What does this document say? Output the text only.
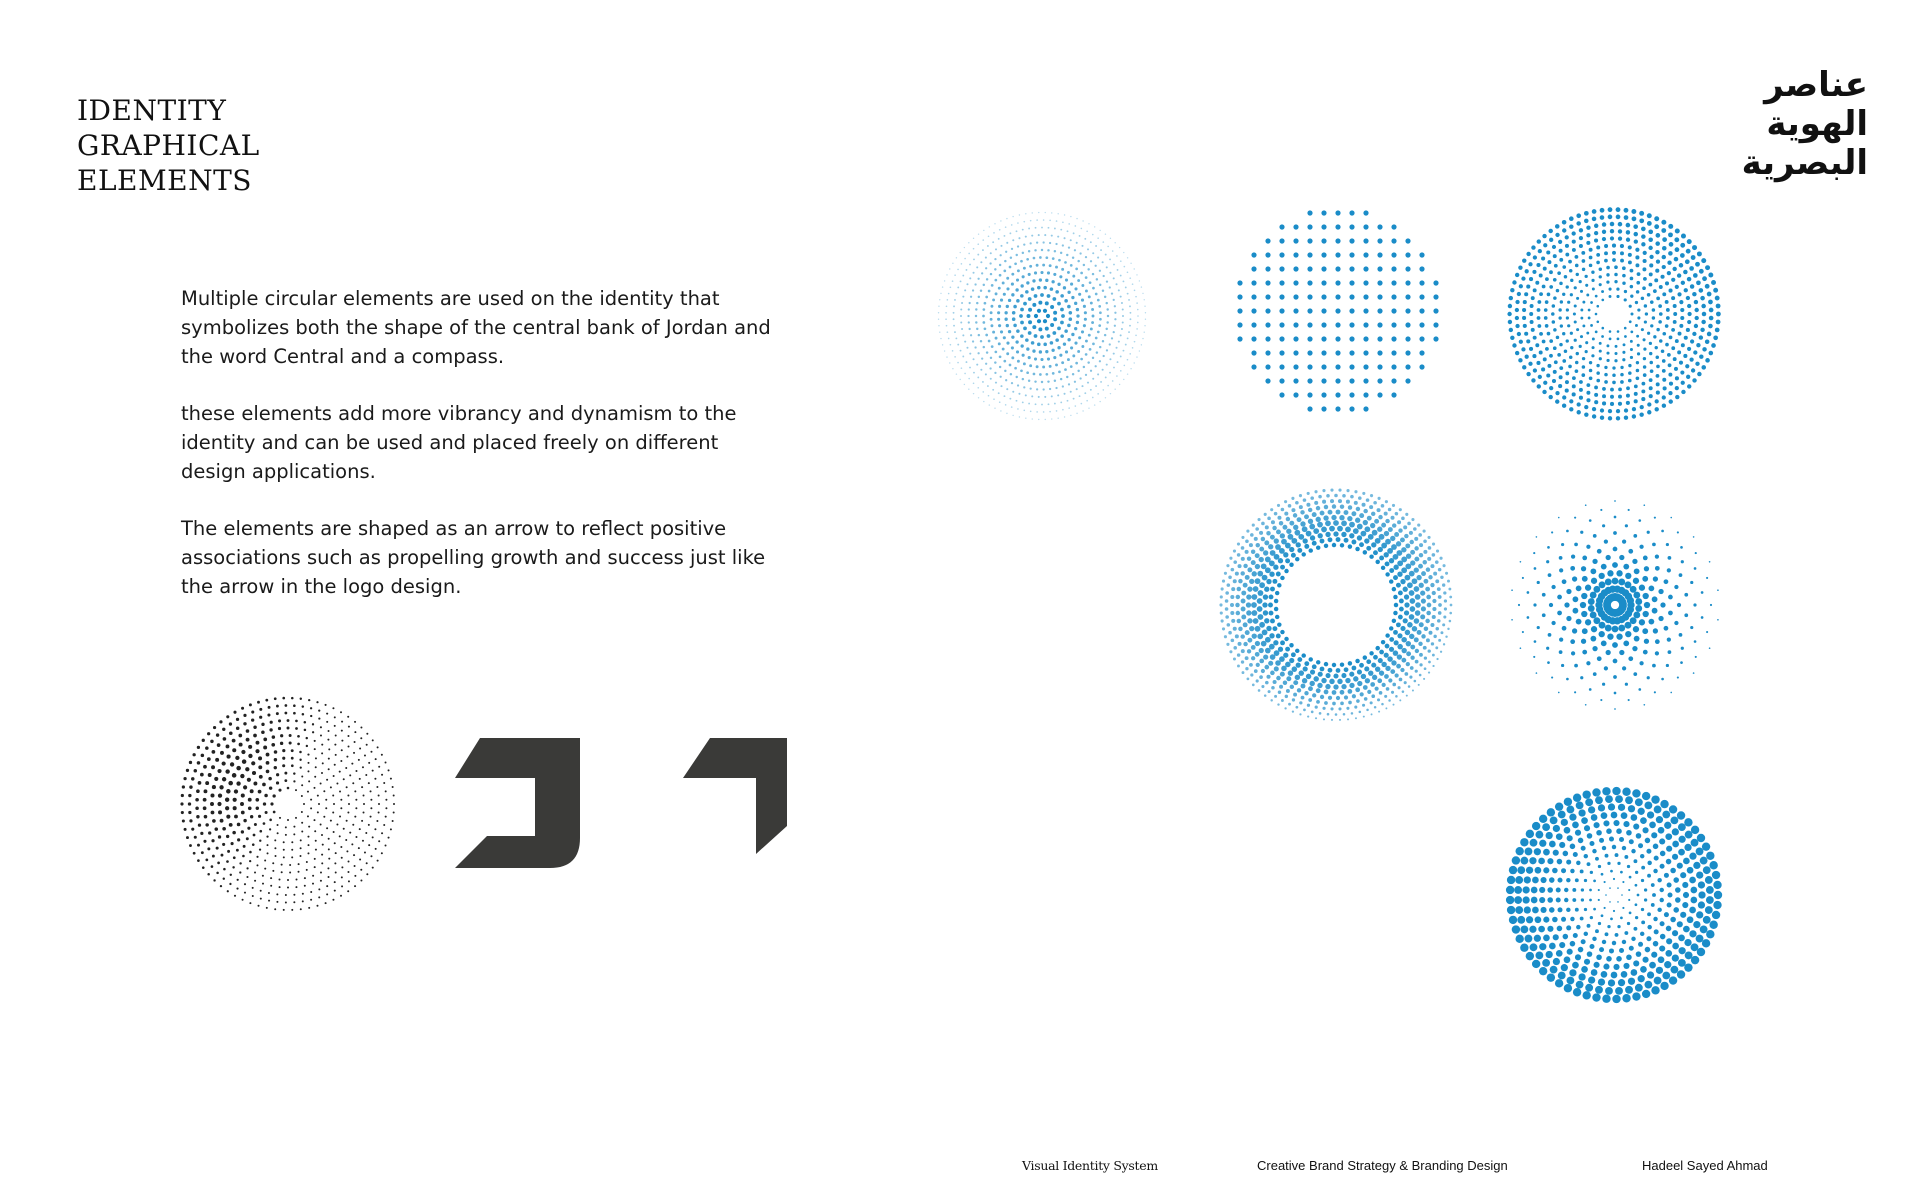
IDENTITY
GRAPHICAL
ELEMENTS
عناصر
الهوية
البصرية

Multiple circular elements are used on the identity that symbolizes both the shape of the central bank of Jordan and the word Central and a compass.

these elements add more vibrancy and dynamism to the identity and can be used and placed freely on different design applications.

The elements are shaped as an arrow to reflect positive associations such as propelling growth and success just like the arrow in the logo design.

Visual Identity System	Creative Brand Strategy & Branding Design	Hadeel Sayed Ahmad
